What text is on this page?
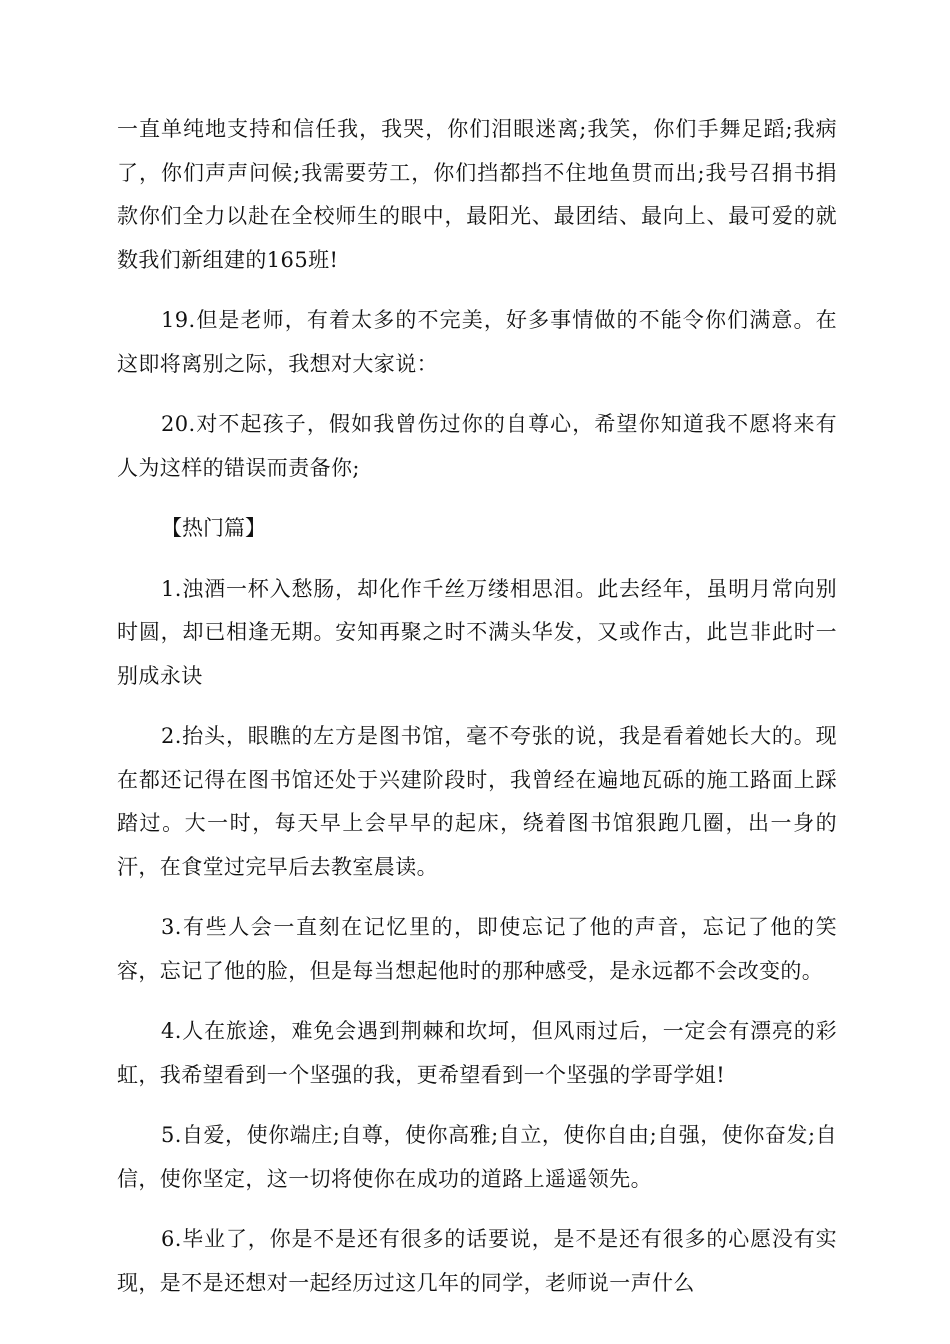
一直单纯地支持和信任我，我哭，你们泪眼迷离;我笑，你们手舞足蹈;我病了，你们声声问候;我需要劳工，你们挡都挡不住地鱼贯而出;我号召捐书捐款你们全力以赴在全校师生的眼中，最阳光、最团结、最向上、最可爱的就数我们新组建的165班!

19.但是老师，有着太多的不完美，好多事情做的不能令你们满意。在这即将离别之际，我想对大家说：

20.对不起孩子，假如我曾伤过你的自尊心，希望你知道我不愿将来有人为这样的错误而责备你;

【热门篇】

1.浊酒一杯入愁肠，却化作千丝万缕相思泪。此去经年，虽明月常向别时圆，却已相逢无期。安知再聚之时不满头华发，又或作古，此岂非此时一别成永诀

2.抬头，眼瞧的左方是图书馆，毫不夸张的说，我是看着她长大的。现在都还记得在图书馆还处于兴建阶段时，我曾经在遍地瓦砾的施工路面上踩踏过。大一时，每天早上会早早的起床，绕着图书馆狠跑几圈，出一身的汗，在食堂过完早后去教室晨读。

3.有些人会一直刻在记忆里的，即使忘记了他的声音，忘记了他的笑容，忘记了他的脸，但是每当想起他时的那种感受，是永远都不会改变的。

4.人在旅途，难免会遇到荆棘和坎坷，但风雨过后，一定会有漂亮的彩虹，我希望看到一个坚强的我，更希望看到一个坚强的学哥学姐!

5.自爱，使你端庄;自尊，使你高雅;自立，使你自由;自强，使你奋发;自信，使你坚定，这一切将使你在成功的道路上遥遥领先。

6.毕业了，你是不是还有很多的话要说，是不是还有很多的心愿没有实现，是不是还想对一起经历过这几年的同学，老师说一声什么
